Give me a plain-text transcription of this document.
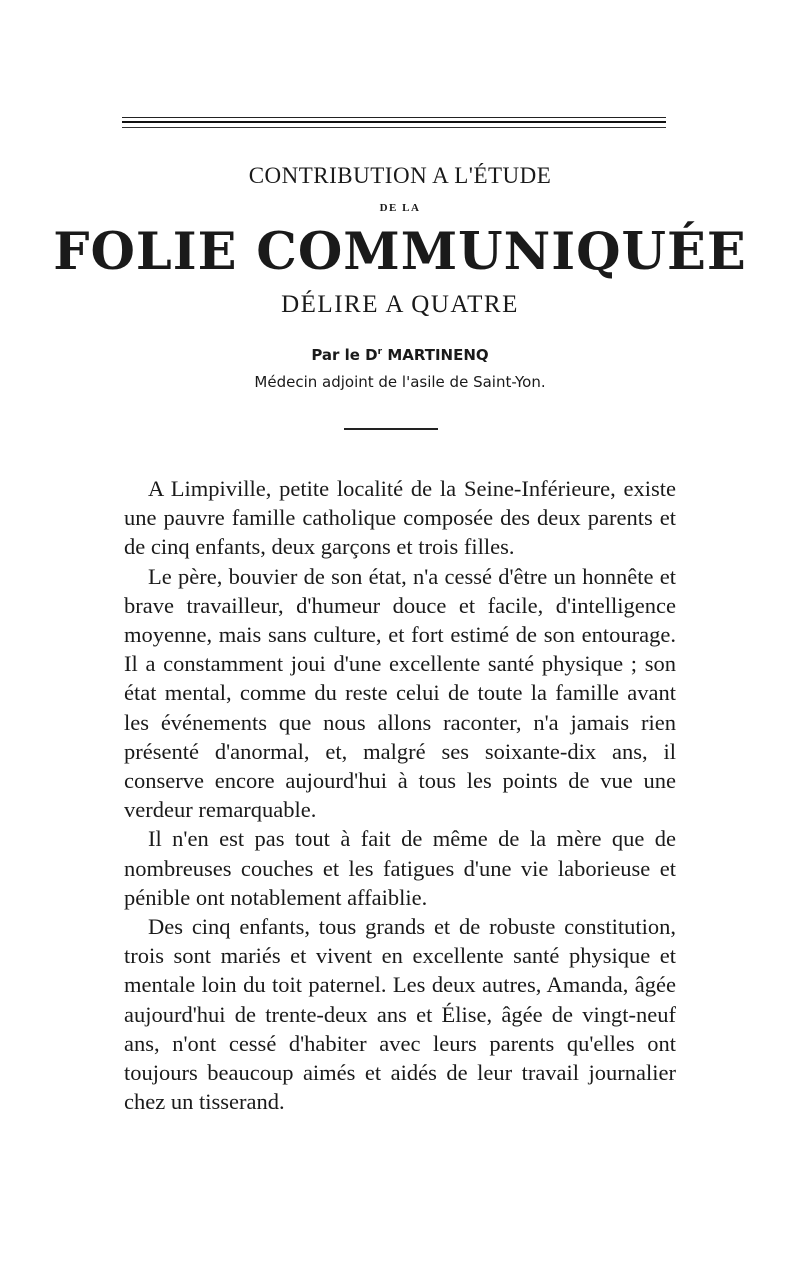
CONTRIBUTION A L'ÉTUDE
DE LA
FOLIE COMMUNIQUÉE
DÉLIRE A QUATRE
Par le $D^r$ MARTINENQ
Médecin adjoint de l'asile de Saint-Yon.

A Limpiville, petite localité de la Seine-Inférieure, existe une pauvre famille catholique composée des deux parents et de cinq enfants, deux garçons et trois filles.

Le père, bouvier de son état, n'a cessé d'être un honnête et brave travailleur, d'humeur douce et facile, d'intelligence moyenne, mais sans culture, et fort estimé de son entourage. Il a constamment joui d'une excellente santé physique ; son état mental, comme du reste celui de toute la famille avant les événements que nous allons raconter, n'a jamais rien présenté d'anormal, et, malgré ses soixante-dix ans, il conserve encore aujourd'hui à tous les points de vue une verdeur remarquable.

Il n'en est pas tout à fait de même de la mère que de nombreuses couches et les fatigues d'une vie laborieuse et pénible ont notablement affaiblie.

Des cinq enfants, tous grands et de robuste constitution, trois sont mariés et vivent en excellente santé physique et mentale loin du toit paternel. Les deux autres, Amanda, âgée aujourd'hui de trente-deux ans et Élise, âgée de vingt-neuf ans, n'ont cessé d'habiter avec leurs parents qu'elles ont toujours beaucoup aimés et aidés de leur travail journalier chez un tisserand.
